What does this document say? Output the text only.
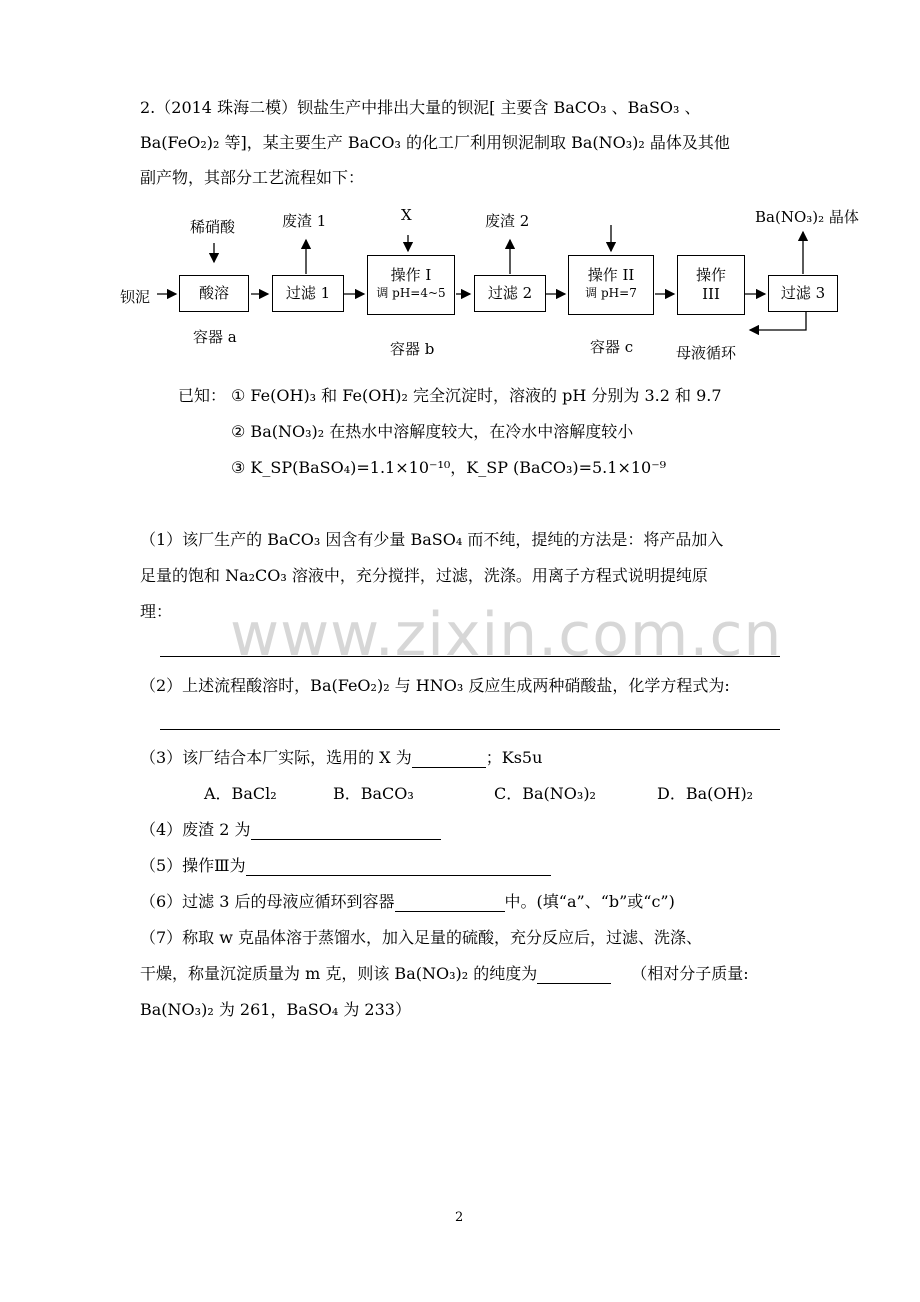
2.（2014 珠海二模）钡盐生产中排出大量的钡泥[ 主要含 BaCO₃ 、BaSO₃ 、
Ba(FeO₂)₂ 等]，某主要生产 BaCO₃ 的化工厂利用钡泥制取 Ba(NO₃)₂ 晶体及其他
副产物，其部分工艺流程如下：
酸溶	过滤 1
操作 I
调 pH=4~5	过滤 2
操作 II
调 pH=7
操作
III	过滤 3
钡泥
稀硝酸	废渣 1	X	废渣 2	Ba(NO₃)₂ 晶体
容器 a
容器 b	容器 c	母液循环
已知： ① Fe(OH)₃ 和 Fe(OH)₂ 完全沉淀时，溶液的 pH 分别为 3.2 和 9.7
② Ba(NO₃)₂ 在热水中溶解度较大，在冷水中溶解度较小
③ K_SP(BaSO₄)=1.1×10⁻¹⁰，K_SP (BaCO₃)=5.1×10⁻⁹
（1）该厂生产的 BaCO₃ 因含有少量 BaSO₄ 而不纯，提纯的方法是：将产品加入
足量的饱和 Na₂CO₃ 溶液中，充分搅拌，过滤，洗涤。用离子方程式说明提纯原
理： www.zixin.com.cn
（2）上述流程酸溶时，Ba(FeO₂)₂ 与 HNO₃ 反应生成两种硝酸盐，化学方程式为:
（3）该厂结合本厂实际，选用的 X 为	；Ks5u
A．BaCl₂	B．BaCO₃	C．Ba(NO₃)₂	D．Ba(OH)₂
（4）废渣 2 为
（5）操作Ⅲ为
（6）过滤 3 后的母液应循环到容器	中。(填“a”、“b”或“c”)
（7）称取 w 克晶体溶于蒸馏水，加入足量的硫酸，充分反应后，过滤、洗涤、
干燥，称量沉淀质量为 m 克，则该 Ba(NO₃)₂ 的纯度为	（相对分子质量:
Ba(NO₃)₂ 为 261，BaSO₄ 为 233）
2
